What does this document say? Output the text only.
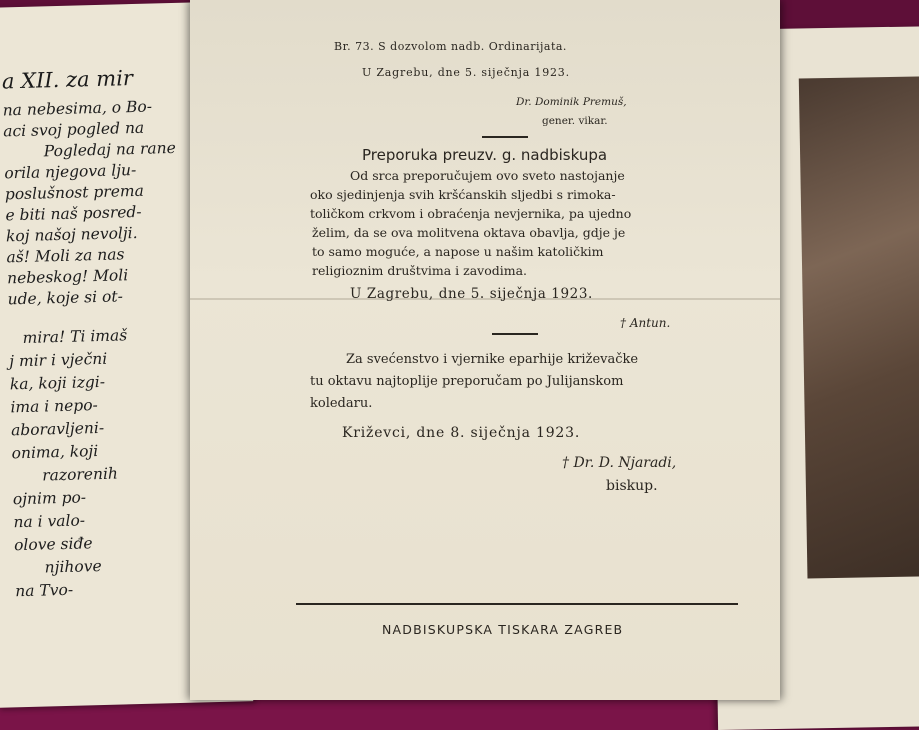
a XII. za mir
na nebesima, o Bo-
aci svoj pogled na
Pogledaj na rane
orila njegova lju-
poslušnost prema
e biti naš posred-
koj našoj nevolji.
aš! Moli za nas
nebeskog! Moli
ude, koje si ot-
mira! Ti imaš
j mir i vječni
ka, koji izgi-
ima i nepo-
aboravljeni-
onima, koji
razorenih
ojnim po-
na i valo-
olove siđe
njihove
na Tvo-
Br. 73. S dozvolom nadb. Ordinarijata.
U Zagrebu, dne 5. siječnja 1923.
Dr. Dominik Premuš,
gener. vikar.
Preporuka preuzv. g. nadbiskupa
Od srca preporučujem ovo sveto nastojanje
oko sjedinjenja svih kršćanskih sljedbi s rimoka-
toličkom crkvom i obraćenja nevjernika, pa ujedno
želim, da se ova molitvena oktava obavlja, gdje je
to samo moguće, a napose u našim katoličkim
religioznim društvima i zavodima.
U Zagrebu, dne 5. siječnja 1923.
† Antun.
Za svećenstvo i vjernike eparhije križevačke
tu oktavu najtoplije preporučam po Julijanskom
koledaru.
Križevci, dne 8. siječnja 1923.
† Dr. D. Njaradi,
biskup.
NADBISKUPSKA TISKARA ZAGREB
